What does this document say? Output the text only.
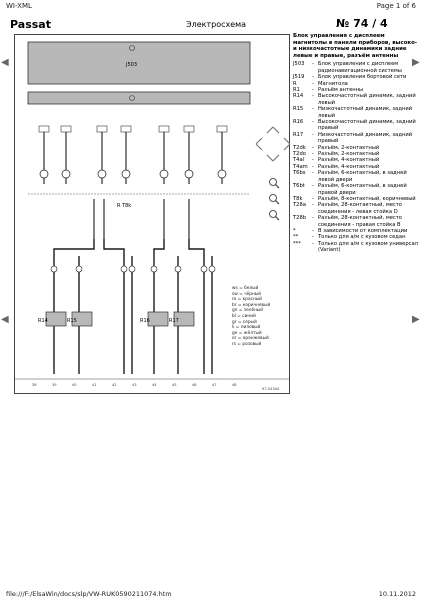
WI-XML	Page 1 of 6
Passat	Электросхема	№ 74 / 4
◀
◀
▶
▶
J503
R T8k
R14	R15	R16	R17
38	39	40	41	42	43	44	45	46	47	48
97-54344
ws = белый
sw = чёрный
ro = красный
br = коричневый
gn = зелёный
bl = синий
gr = серый
li = лиловый
ge = жёлтый
or = оранжевый
rs = розовый
Блок управления с дисплеем магнитолы в панели приборов, высоко- и низкочастотные динамики задние левые и правые, разъём антенны
J503	- Блок управления с дисплеем радионавигационной системы
J519	- Блок управления бортовой сети
R	- Магнитола
R1	- Разъём антенны
R14	- Высокочастотный динамик, задний левый
R15	- Низкочастотный динамик, задний левый
R16	- Высокочастотный динамик, задний правый
R17	- Низкочастотный динамик, задний правый
T2dk	- Разъём, 2-контактный
T2do	- Разъём, 2-контактный
T4al	- Разъём, 4-контактный
T4am - Разъём, 4-контактный
T6bs	- Разъём, 6-контактный, в задней левой двери
T6bt	- Разъём, 6-контактный, в задней правой двери
T8k	- Разъём, 8-контактный, коричневый
T28a	- Разъём, 28-контактный, место соединения - левая стойка D
T28b	- Разъём, 28-контактный, место соединения - правая стойка В
*	- В зависимости от комплектации
**	- Только для а/м с кузовом седан
***	- Только для а/м с кузовом универсал (Variant)
file:///F:/ElsaWin/docs/slp/VW-RUK0590211074.htm	10.11.2012
